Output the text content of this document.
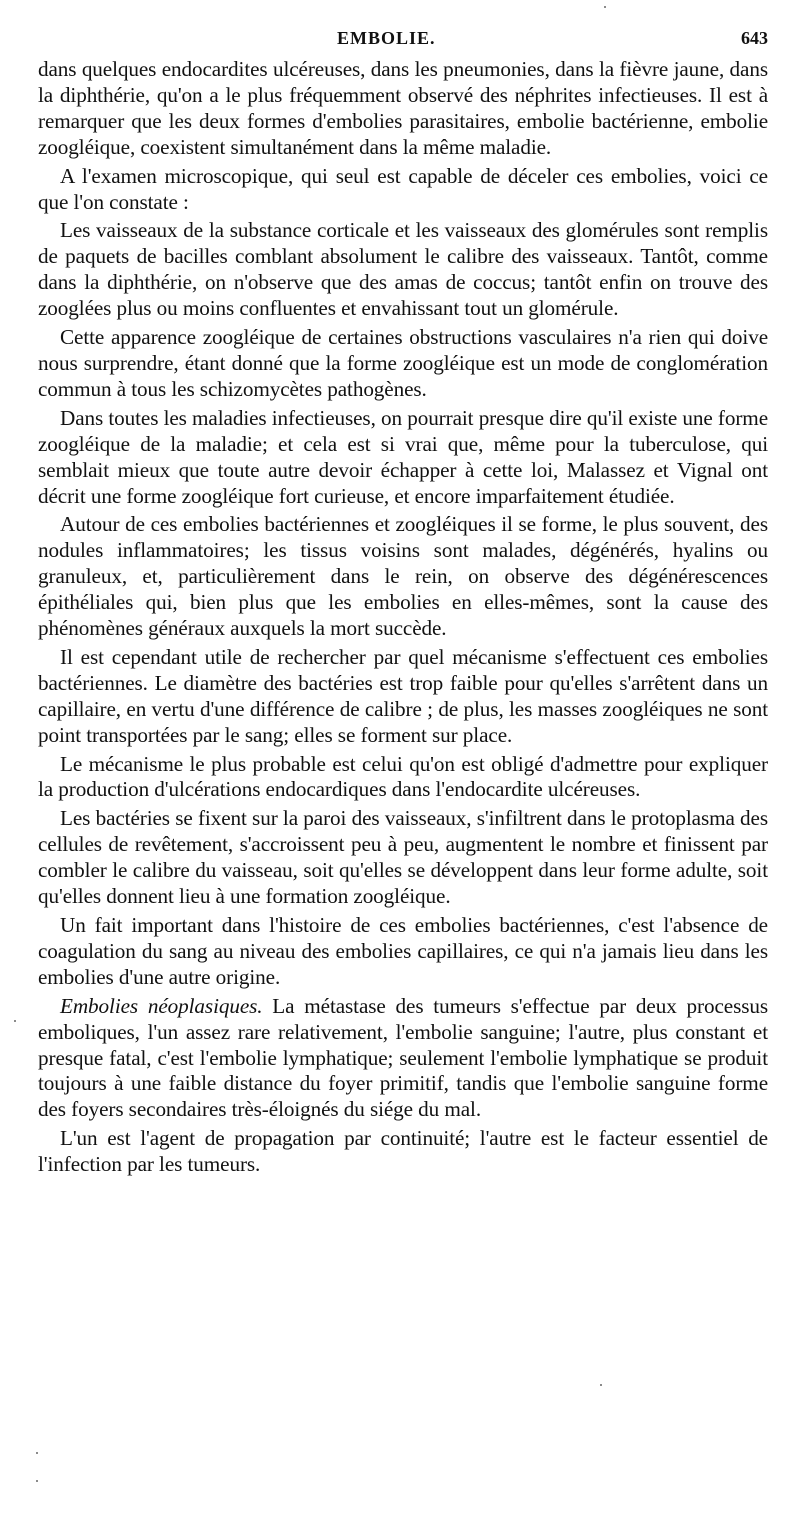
EMBOLIE.	643

dans quelques endocardites ulcéreuses, dans les pneumonies, dans la fièvre jaune, dans la diphthérie, qu'on a le plus fréquemment observé des néphrites infectieuses. Il est à remarquer que les deux formes d'embolies parasitaires, embolie bactérienne, embolie zoogléique, coexistent simultanément dans la même maladie.

A l'examen microscopique, qui seul est capable de déceler ces embolies, voici ce que l'on constate :

Les vaisseaux de la substance corticale et les vaisseaux des glomérules sont remplis de paquets de bacilles comblant absolument le calibre des vaisseaux. Tantôt, comme dans la diphthérie, on n'observe que des amas de coccus; tantôt enfin on trouve des zooglées plus ou moins confluentes et envahissant tout un glomérule.

Cette apparence zoogléique de certaines obstructions vasculaires n'a rien qui doive nous surprendre, étant donné que la forme zoogléique est un mode de conglomération commun à tous les schizomycètes pathogènes.

Dans toutes les maladies infectieuses, on pourrait presque dire qu'il existe une forme zoogléique de la maladie; et cela est si vrai que, même pour la tuberculose, qui semblait mieux que toute autre devoir échapper à cette loi, Malassez et Vignal ont décrit une forme zoogléique fort curieuse, et encore imparfaitement étudiée.

Autour de ces embolies bactériennes et zoogléiques il se forme, le plus souvent, des nodules inflammatoires; les tissus voisins sont malades, dégénérés, hyalins ou granuleux, et, particulièrement dans le rein, on observe des dégénérescences épithéliales qui, bien plus que les embolies en elles-mêmes, sont la cause des phénomènes généraux auxquels la mort succède.

Il est cependant utile de rechercher par quel mécanisme s'effectuent ces embolies bactériennes. Le diamètre des bactéries est trop faible pour qu'elles s'arrêtent dans un capillaire, en vertu d'une différence de calibre ; de plus, les masses zoogléiques ne sont point transportées par le sang; elles se forment sur place.

Le mécanisme le plus probable est celui qu'on est obligé d'admettre pour expliquer la production d'ulcérations endocardiques dans l'endocardite ulcéreuses.

Les bactéries se fixent sur la paroi des vaisseaux, s'infiltrent dans le protoplasma des cellules de revêtement, s'accroissent peu à peu, augmentent le nombre et finissent par combler le calibre du vaisseau, soit qu'elles se développent dans leur forme adulte, soit qu'elles donnent lieu à une formation zoogléique.

Un fait important dans l'histoire de ces embolies bactériennes, c'est l'absence de coagulation du sang au niveau des embolies capillaires, ce qui n'a jamais lieu dans les embolies d'une autre origine.

Embolies néoplasiques. La métastase des tumeurs s'effectue par deux processus emboliques, l'un assez rare relativement, l'embolie sanguine; l'autre, plus constant et presque fatal, c'est l'embolie lymphatique; seulement l'embolie lymphatique se produit toujours à une faible distance du foyer primitif, tandis que l'embolie sanguine forme des foyers secondaires très-éloignés du siége du mal.

L'un est l'agent de propagation par continuité; l'autre est le facteur essentiel de l'infection par les tumeurs.
